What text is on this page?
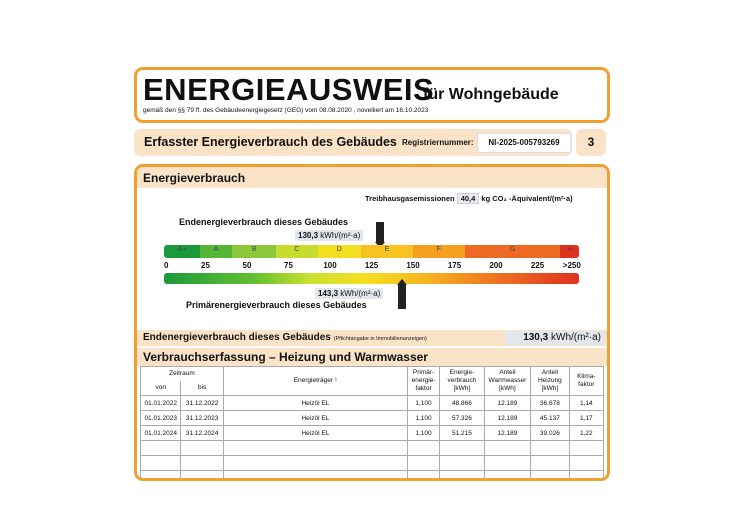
ENERGIEAUSWEIS
für Wohngebäude
gemäß den §§ 79 ff. des Gebäudeenergiegesetz (GEG) vom 08.08.2020 , novelliert am 16.10.2023
Erfasster Energieverbrauch des Gebäudes Registriernummer:	NI-2025-005793269	3
Energieverbrauch
Treibhausgasemissionen 40,4 kg CO₂ -Äquivalent/(m²·a)
Endenergieverbrauch dieses Gebäudes
130,3 kWh/(m²·a)
A+	A	B	C	D	E	F	G	H
0	25	50	75	100	125	150	175	200	225 >250
143,3 kWh/(m²·a)
Primärenergieverbrauch dieses Gebäudes
Endenergieverbrauch dieses Gebäudes (Pflichtangabe in Immobilienanzeigen)	130,3 kWh/(m²·a)
Verbrauchserfassung – Heizung und Warmwasser
Zeitraum		Energieträger ¹	Primär-energie-faktor	Energie-verbrauch [kWh]	Anteil Warmwasser [kWh]	Anteil Heizung [kWh]	Klima-faktor
von	bis						
01.01.2022	31.12.2022	Heizöl EL	1,100	48.866	12.189	36.678	1,14
01.01.2023	31.12.2023	Heizöl EL	1,100	57.326	12.189	45.137	1,17
01.01.2024	31.12.2024	Heizöl EL	1,100	51.215	12.189	39.026	1,22
